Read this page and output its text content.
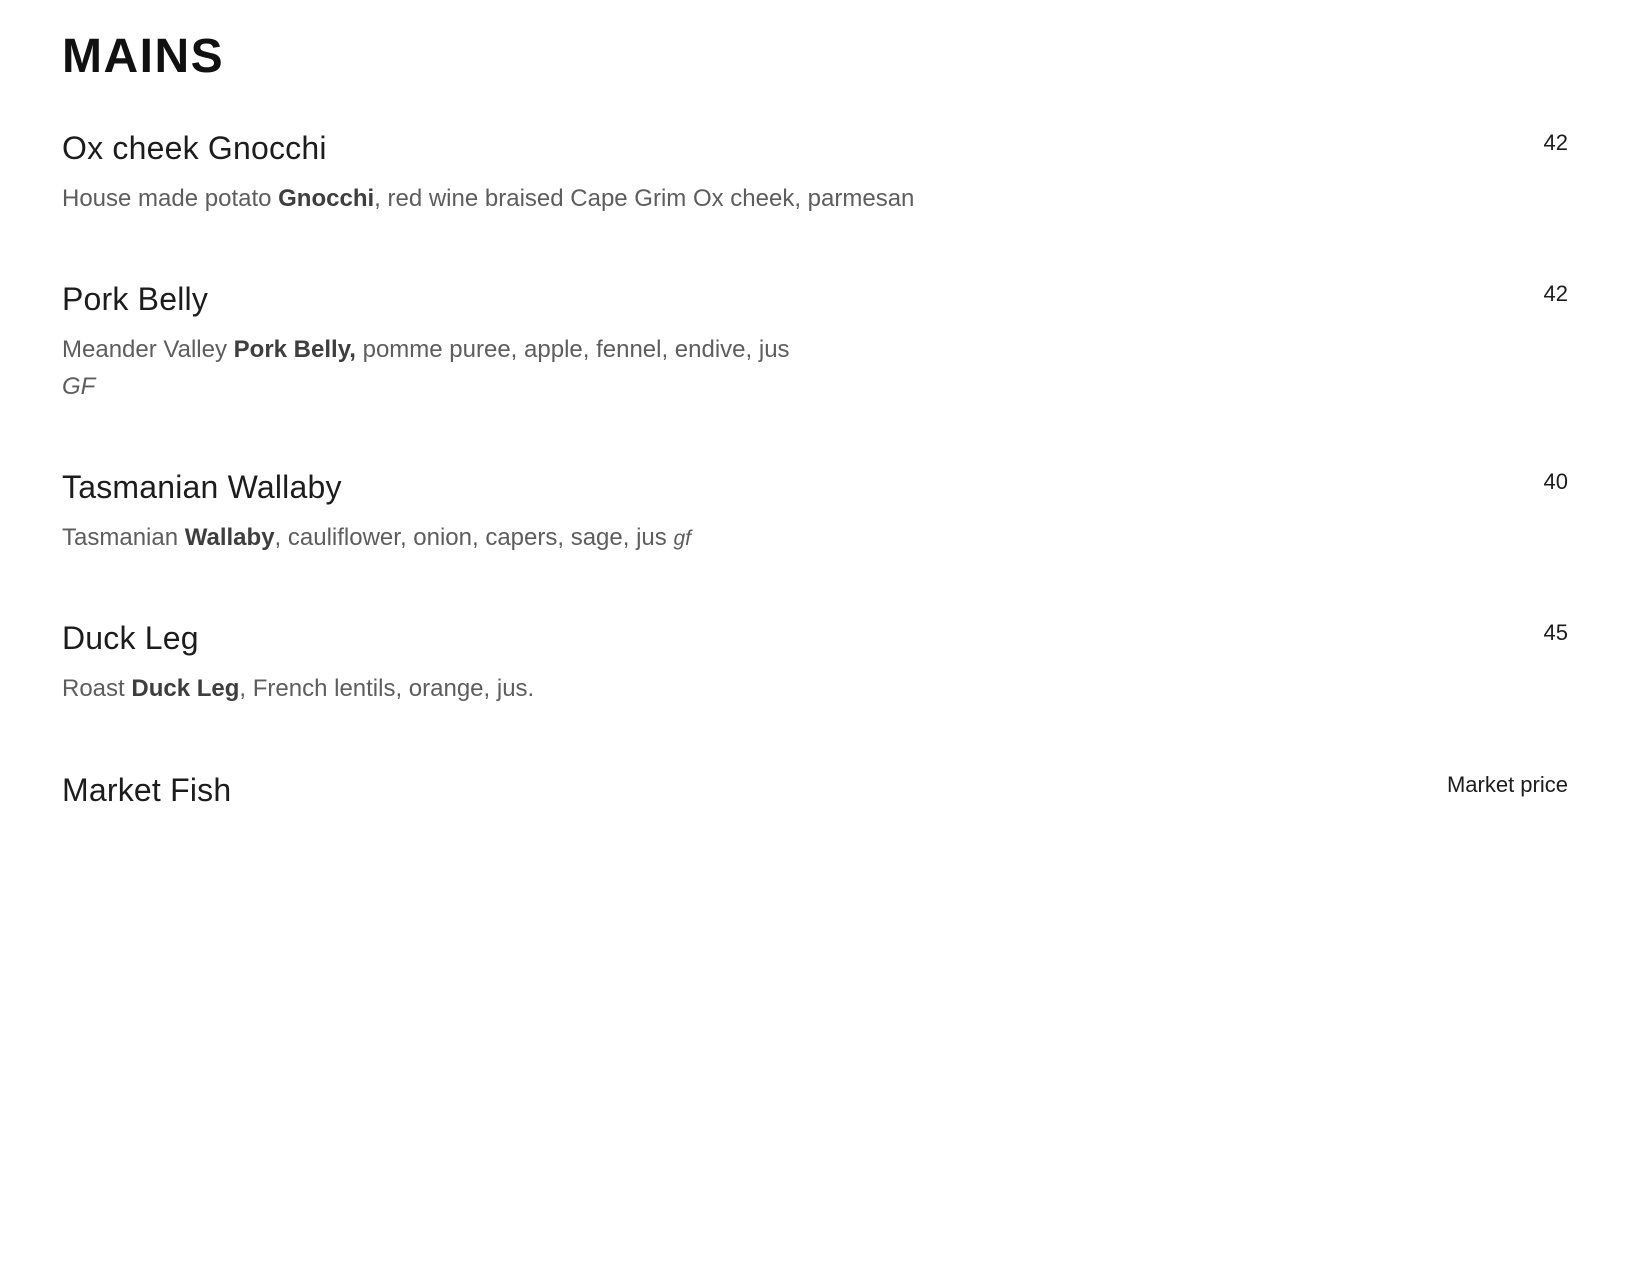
MAINS
Ox cheek Gnocchi	42
House made potato Gnocchi, red wine braised Cape Grim Ox cheek, parmesan
Pork Belly	42
Meander Valley Pork Belly, pomme puree, apple, fennel, endive, jus
GF
Tasmanian Wallaby	40
Tasmanian Wallaby, cauliflower, onion, capers, sage, jus gf
Duck Leg	45
Roast Duck Leg, French lentils, orange, jus.
Market Fish	Market price
